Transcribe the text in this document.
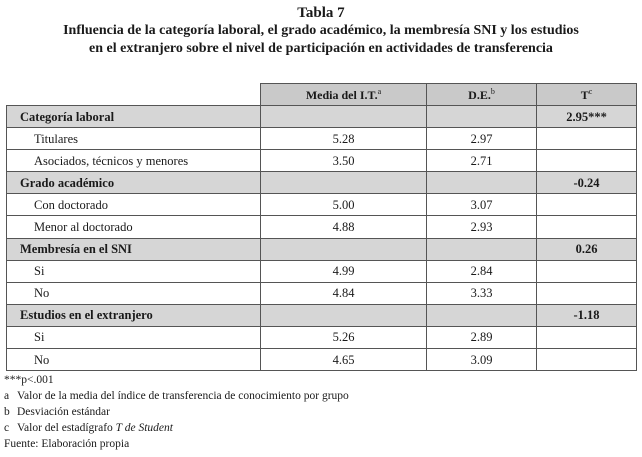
Tabla 7
Influencia de la categoría laboral, el grado académico, la membresía SNI y los estudios
en el extranjero sobre el nivel de participación en actividades de transferencia
	Media del I.T.$^a$	D.E.$^b$	$T^c$
Categoría laboral			2.95***
Titulares	5.28	2.97	
Asociados, técnicos y menores	3.50	2.71	
Grado académico			-0.24
Con doctorado	5.00	3.07	
Menor al doctorado	4.88	2.93	
Membresía en el SNI			0.26
Si	4.99	2.84	
No	4.84	3.33	
Estudios en el extranjero			-1.18
Si	5.26	2.89	
No	4.65	3.09	
***p<.001
a Valor de la media del índice de transferencia de conocimiento por grupo
b Desviación estándar
c Valor del estadígrafo T de Student
Fuente: Elaboración propia
